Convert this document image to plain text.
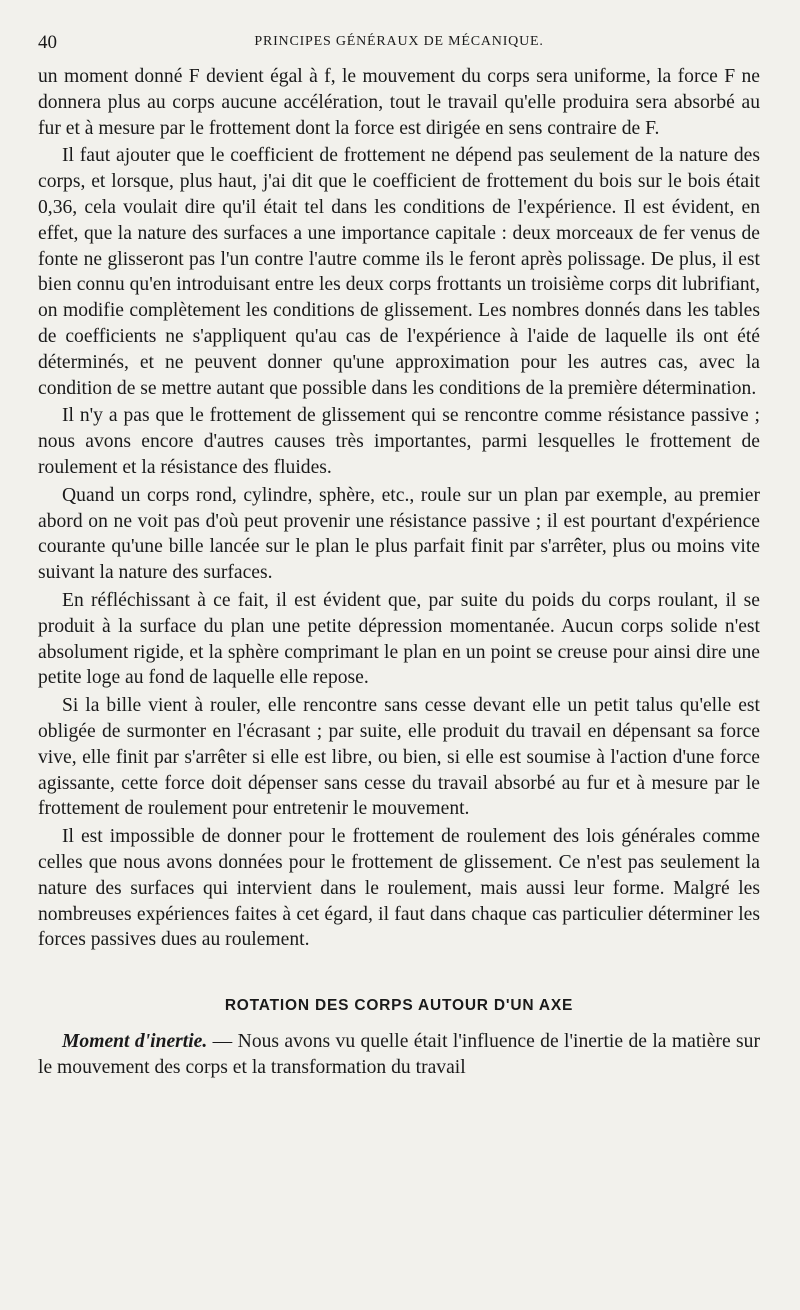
40	PRINCIPES GÉNÉRAUX DE MÉCANIQUE.

un moment donné F devient égal à f, le mouvement du corps sera uniforme, la force F ne donnera plus au corps aucune accélération, tout le travail qu'elle produira sera absorbé au fur et à mesure par le frottement dont la force est dirigée en sens contraire de F.

Il faut ajouter que le coefficient de frottement ne dépend pas seulement de la nature des corps, et lorsque, plus haut, j'ai dit que le coefficient de frottement du bois sur le bois était 0,36, cela voulait dire qu'il était tel dans les conditions de l'expérience. Il est évident, en effet, que la nature des surfaces a une importance capitale : deux morceaux de fer venus de fonte ne glisseront pas l'un contre l'autre comme ils le feront après polissage. De plus, il est bien connu qu'en introduisant entre les deux corps frottants un troisième corps dit lubrifiant, on modifie complètement les conditions de glissement. Les nombres donnés dans les tables de coefficients ne s'appliquent qu'au cas de l'expérience à l'aide de laquelle ils ont été déterminés, et ne peuvent donner qu'une approximation pour les autres cas, avec la condition de se mettre autant que possible dans les conditions de la première détermination.

Il n'y a pas que le frottement de glissement qui se rencontre comme résistance passive ; nous avons encore d'autres causes très importantes, parmi lesquelles le frottement de roulement et la résistance des fluides.

Quand un corps rond, cylindre, sphère, etc., roule sur un plan par exemple, au premier abord on ne voit pas d'où peut provenir une résistance passive ; il est pourtant d'expérience courante qu'une bille lancée sur le plan le plus parfait finit par s'arrêter, plus ou moins vite suivant la nature des surfaces.

En réfléchissant à ce fait, il est évident que, par suite du poids du corps roulant, il se produit à la surface du plan une petite dépression momentanée. Aucun corps solide n'est absolument rigide, et la sphère comprimant le plan en un point se creuse pour ainsi dire une petite loge au fond de laquelle elle repose.

Si la bille vient à rouler, elle rencontre sans cesse devant elle un petit talus qu'elle est obligée de surmonter en l'écrasant ; par suite, elle produit du travail en dépensant sa force vive, elle finit par s'arrêter si elle est libre, ou bien, si elle est soumise à l'action d'une force agissante, cette force doit dépenser sans cesse du travail absorbé au fur et à mesure par le frottement de roulement pour entretenir le mouvement.

Il est impossible de donner pour le frottement de roulement des lois générales comme celles que nous avons données pour le frottement de glissement. Ce n'est pas seulement la nature des surfaces qui intervient dans le roulement, mais aussi leur forme. Malgré les nombreuses expériences faites à cet égard, il faut dans chaque cas particulier déterminer les forces passives dues au roulement.

ROTATION DES CORPS AUTOUR D'UN AXE

Moment d'inertie. — Nous avons vu quelle était l'influence de l'inertie de la matière sur le mouvement des corps et la transformation du travail
